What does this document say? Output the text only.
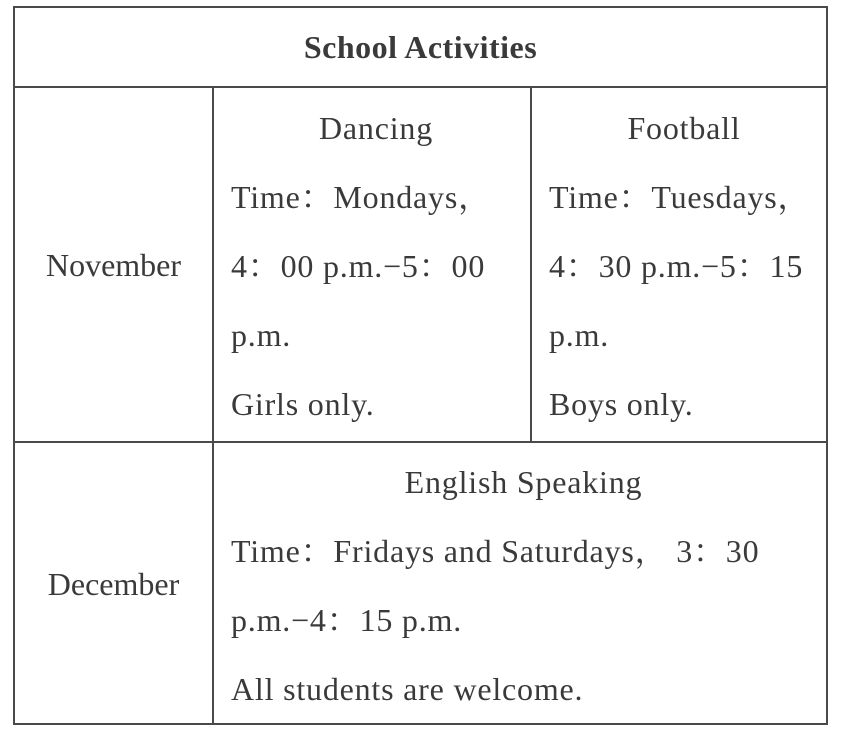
School Activities
November
Dancing
Time：Mondays，
4：00 p.m.−5：00
p.m.
Girls only.
Football
Time：Tuesdays，
4：30 p.m.−5：15
p.m.
Boys only.
December
English Speaking
Time：Fridays and Saturdays， 3：30
p.m.−4：15 p.m.
All students are welcome.
